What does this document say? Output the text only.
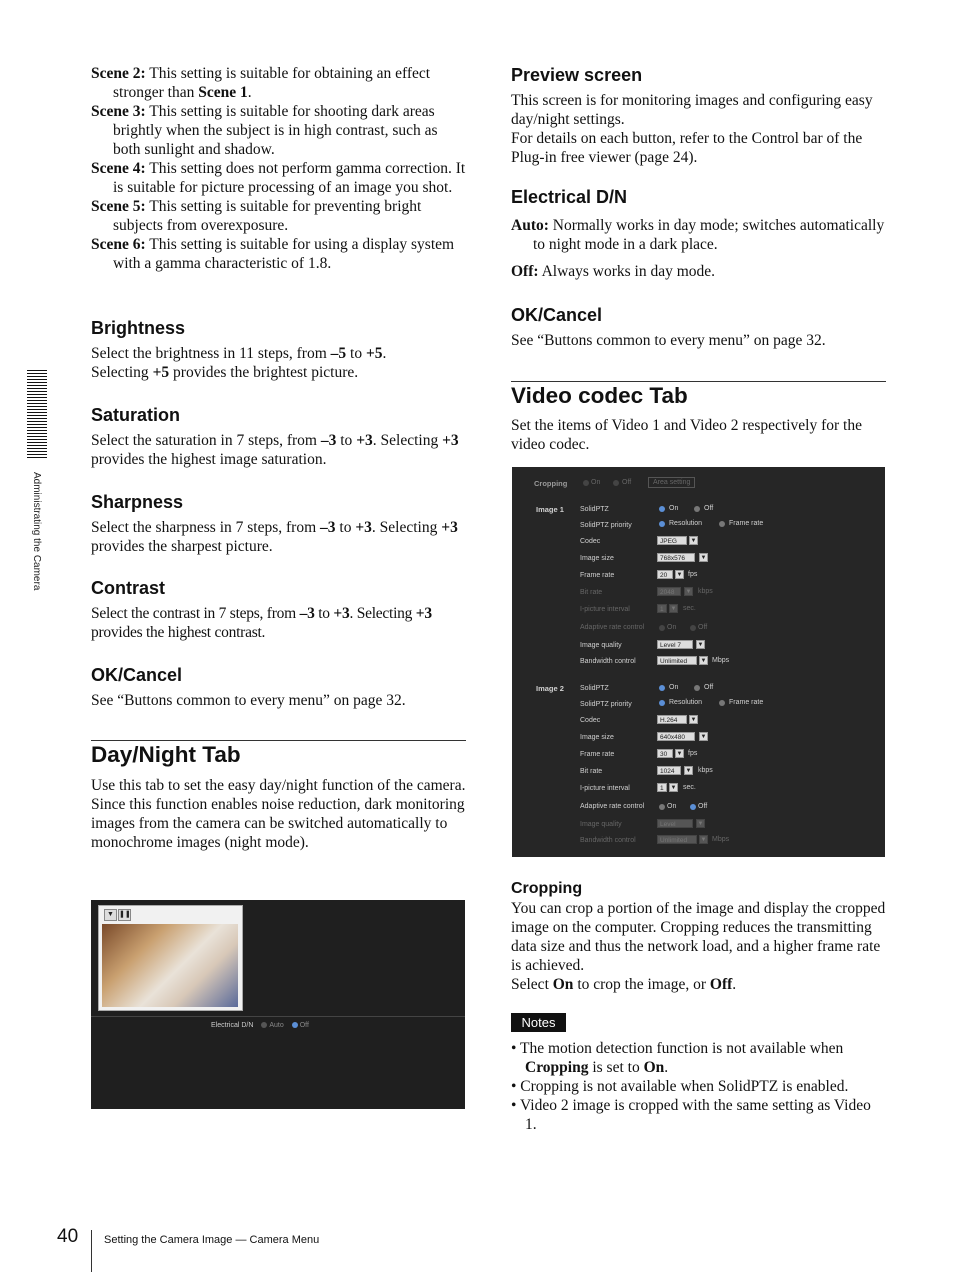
Administrating the Camera

Scene 2: This setting is suitable for obtaining an effect stronger than Scene 1.

Scene 3: This setting is suitable for shooting dark areas brightly when the subject is in high contrast, such as both sunlight and shadow.

Scene 4: This setting does not perform gamma correction. It is suitable for picture processing of an image you shot.

Scene 5: This setting is suitable for preventing bright subjects from overexposure.

Scene 6: This setting is suitable for using a display system with a gamma characteristic of 1.8.

Brightness

Select the brightness in 11 steps, from –5 to +5.
Selecting +5 provides the brightest picture.

Saturation

Select the saturation in 7 steps, from –3 to +3. Selecting +3 provides the highest image saturation.

Sharpness

Select the sharpness in 7 steps, from –3 to +3. Selecting +3 provides the sharpest picture.

Contrast

Select the contrast in 7 steps, from –3 to +3. Selecting +3 provides the highest contrast.

OK/Cancel

See “Buttons common to every menu” on page 32.

Day/Night Tab

Use this tab to set the easy day/night function of the camera.

Since this function enables noise reduction, dark monitoring images from the camera can be switched automatically to monochrome images (night mode).

▼ ❚❚
Electrical D/N Auto Off
Preview screen

This screen is for monitoring images and configuring easy day/night settings.

For details on each button, refer to the Control bar of the Plug-in free viewer (page 24).

Electrical D/N

Auto: Normally works in day mode; switches automatically to night mode in a dark place.

Off: Always works in day mode.

OK/Cancel

See “Buttons common to every menu” on page 32.

Video codec Tab

Set the items of Video 1 and Video 2 respectively for the video codec.

Cropping	On	Off	Area setting
Image 1 SolidPTZ	On	Off
SolidPTZ priority	Resolution	Frame rate
Codec	JPEG	▼
Image size	768x576	▼
Frame rate	20	▼ fps
Bit rate	2048	▼ kbps
I-picture interval	1	▼ sec.
Adaptive rate control	On	Off
Image quality	Level 7	▼
Bandwidth control	Unlimited	▼ Mbps
Image 2 SolidPTZ	On	Off
SolidPTZ priority	Resolution	Frame rate
Codec	H.264	▼
Image size	640x480	▼
Frame rate	30	▼ fps
Bit rate	1024	▼ kbps
I-picture interval	1	▼ sec.
Adaptive rate control	On	Off
Image quality	Level	▼
Bandwidth control	Unlimited	▼ Mbps
Cropping

You can crop a portion of the image and display the cropped image on the computer. Cropping reduces the transmitting data size and thus the network load, and a higher frame rate is achieved.

Select On to crop the image, or Off.

Notes
• The motion detection function is not available when Cropping is set to On.
• Cropping is not available when SolidPTZ is enabled.
• Video 2 image is cropped with the same setting as Video 1.
40 Setting the Camera Image — Camera Menu
